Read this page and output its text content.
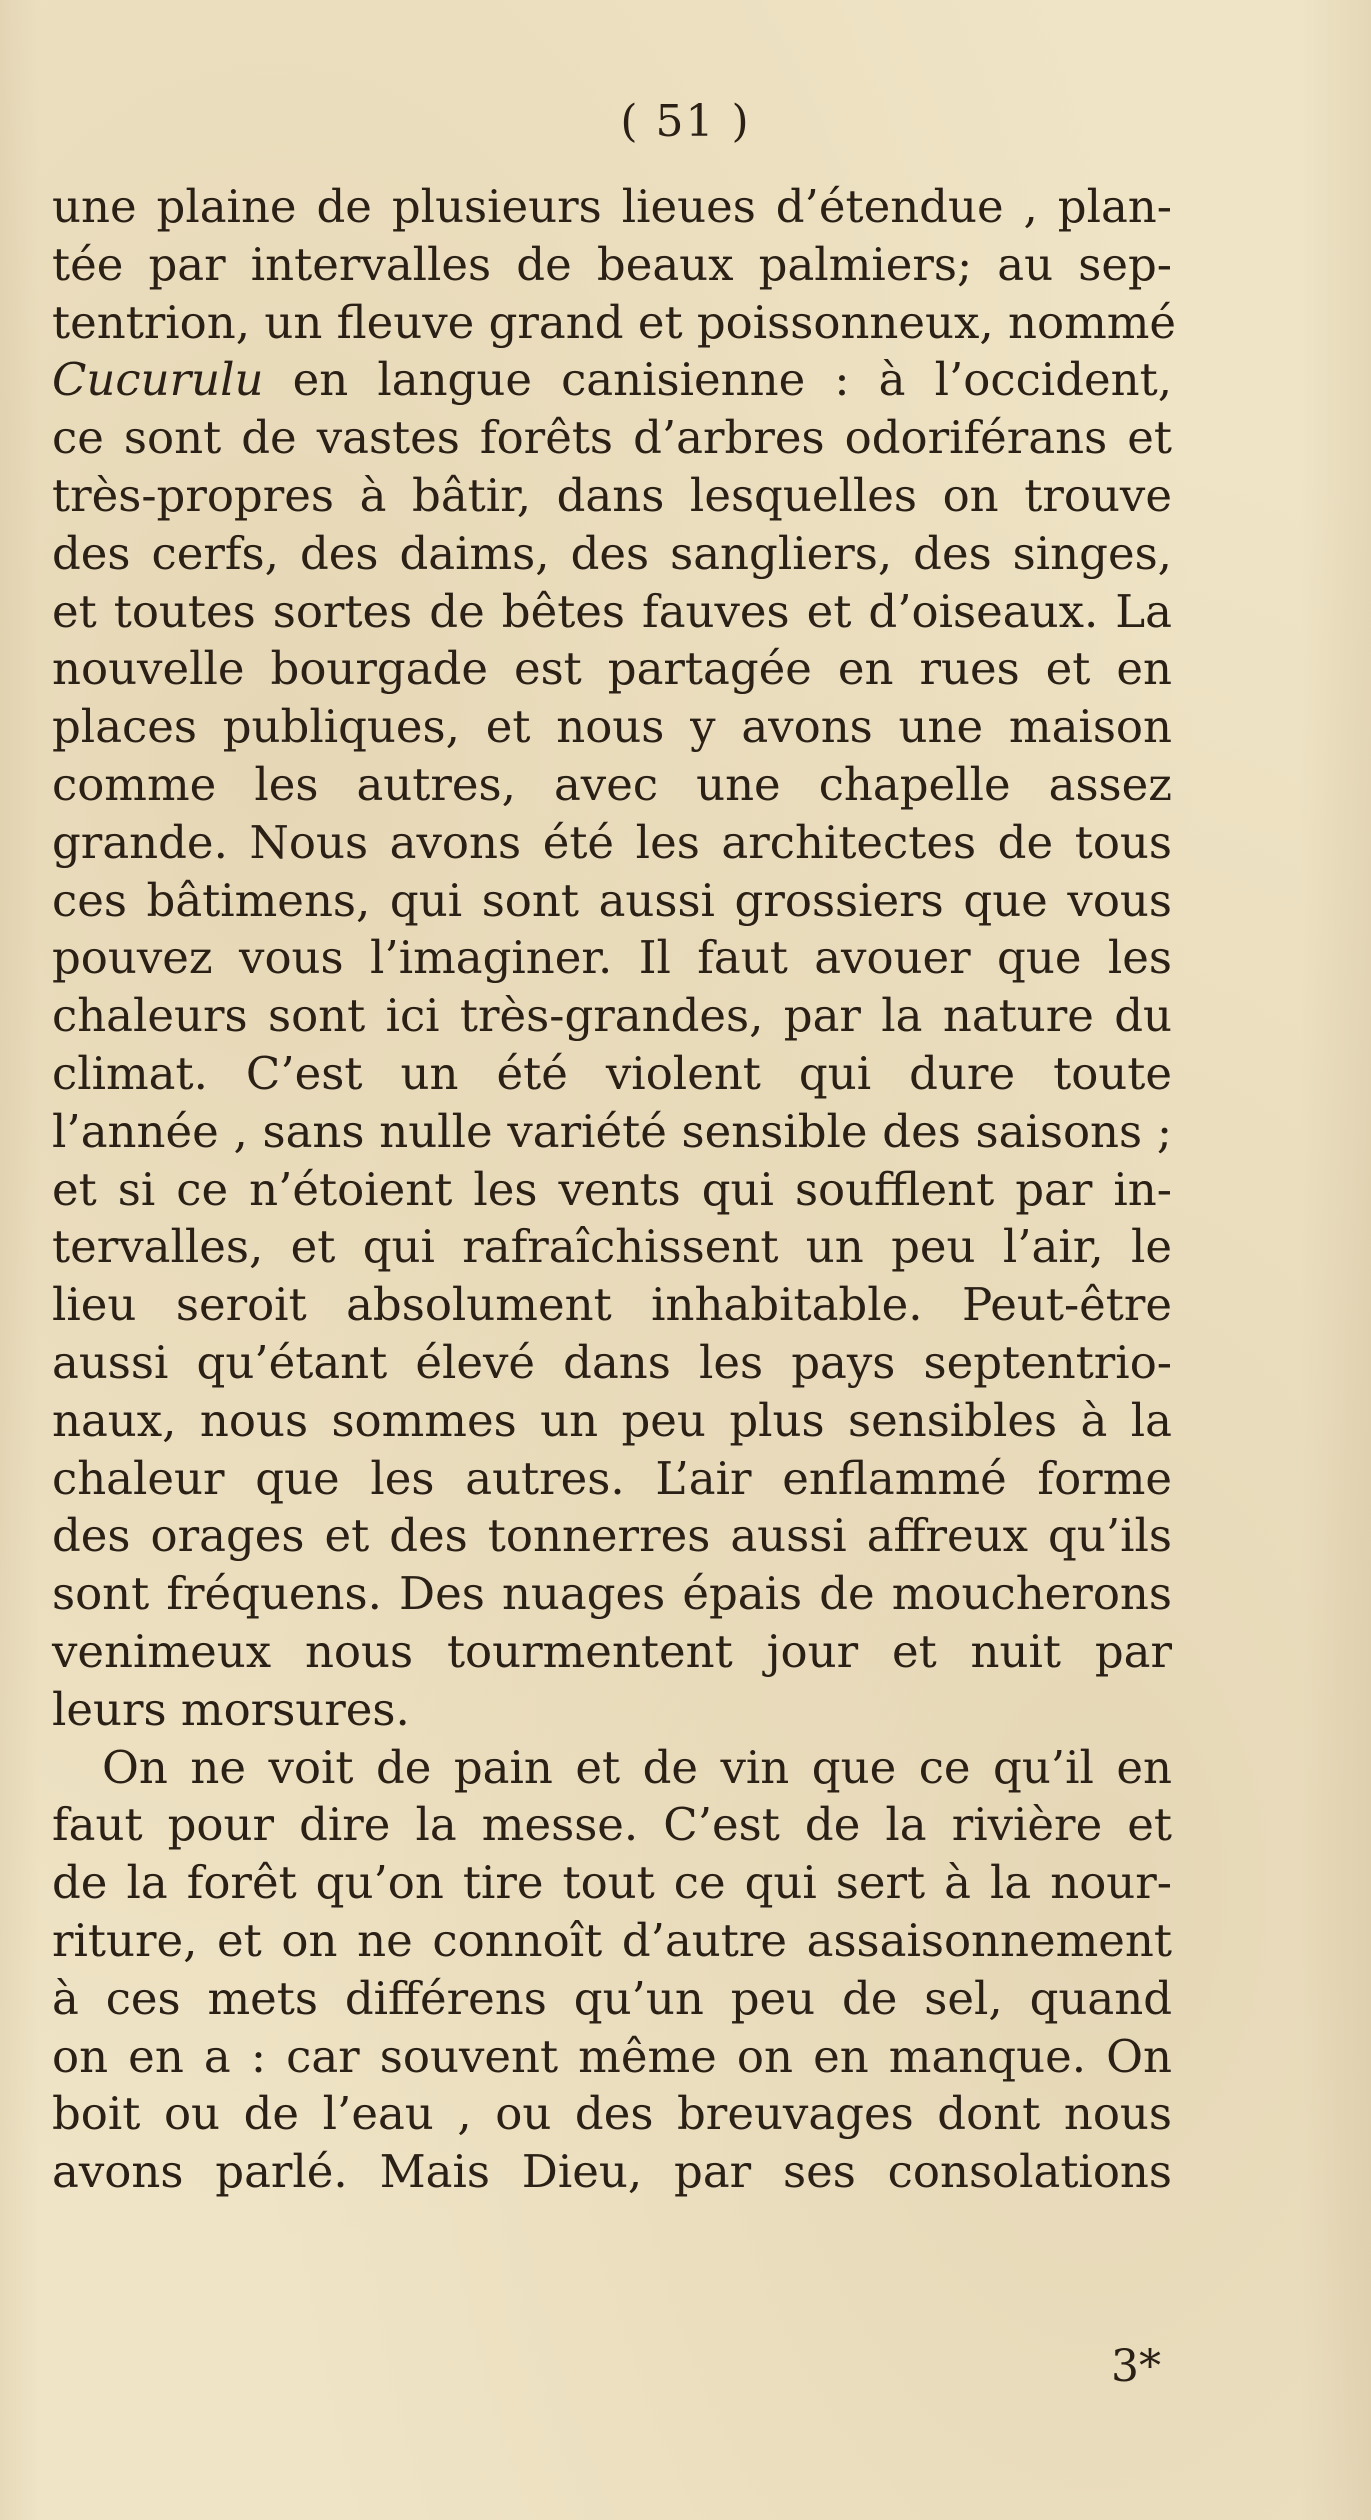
( 51 )
une plaine de plusieurs lieues d’étendue , plan-
tée par intervalles de beaux palmiers; au sep-
tentrion, un fleuve grand et poissonneux, nommé
Cucurulu en langue canisienne : à l’occident,
ce sont de vastes forêts d’arbres odoriférans et
très-propres à bâtir, dans lesquelles on trouve
des cerfs, des daims, des sangliers, des singes,
et toutes sortes de bêtes fauves et d’oiseaux. La
nouvelle bourgade est partagée en rues et en
places publiques, et nous y avons une maison
comme les autres, avec une chapelle assez
grande. Nous avons été les architectes de tous
ces bâtimens, qui sont aussi grossiers que vous
pouvez vous l’imaginer. Il faut avouer que les
chaleurs sont ici très-grandes, par la nature du
climat. C’est un été violent qui dure toute
l’année , sans nulle variété sensible des saisons ;
et si ce n’étoient les vents qui soufflent par in-
tervalles, et qui rafraîchissent un peu l’air, le
lieu seroit absolument inhabitable. Peut-être
aussi qu’étant élevé dans les pays septentrio-
naux, nous sommes un peu plus sensibles à la
chaleur que les autres. L’air enflammé forme
des orages et des tonnerres aussi affreux qu’ils
sont fréquens. Des nuages épais de moucherons
venimeux nous tourmentent jour et nuit par
leurs morsures.
On ne voit de pain et de vin que ce qu’il en
faut pour dire la messe. C’est de la rivière et
de la forêt qu’on tire tout ce qui sert à la nour-
riture, et on ne connoît d’autre assaisonnement
à ces mets différens qu’un peu de sel, quand
on en a : car souvent même on en manque. On
boit ou de l’eau , ou des breuvages dont nous
avons parlé. Mais Dieu, par ses consolations
3*
